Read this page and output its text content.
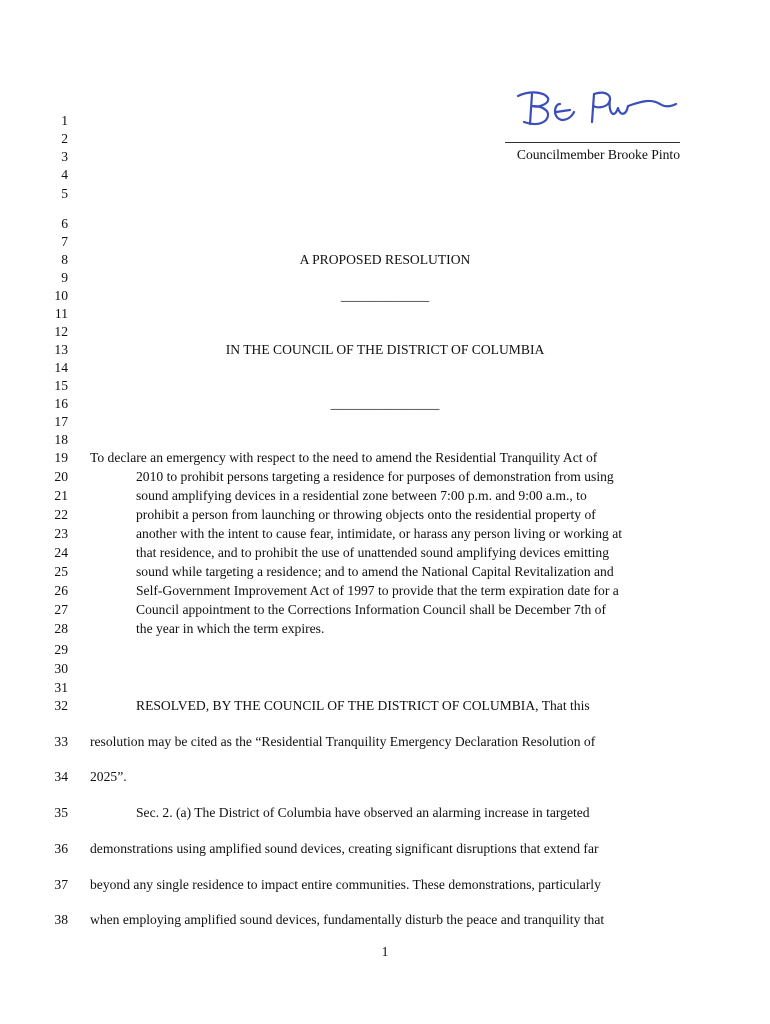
Councilmember Brooke Pinto
1
2
3
4
5
6
7
8
9
10
11
12
13
14
15
16
17
18
19
20
21
22
23
24
25
26
27
28
29
30
31
32
33
34
35
36
37
38
A PROPOSED RESOLUTION
_____________
IN THE COUNCIL OF THE DISTRICT OF COLUMBIA
________________
To declare an emergency with respect to the need to amend the Residential Tranquility Act of
2010 to prohibit persons targeting a residence for purposes of demonstration from using
sound amplifying devices in a residential zone between 7:00 p.m. and 9:00 a.m., to
prohibit a person from launching or throwing objects onto the residential property of
another with the intent to cause fear, intimidate, or harass any person living or working at
that residence, and to prohibit the use of unattended sound amplifying devices emitting
sound while targeting a residence; and to amend the National Capital Revitalization and
Self-Government Improvement Act of 1997 to provide that the term expiration date for a
Council appointment to the Corrections Information Council shall be December 7th of
the year in which the term expires.
RESOLVED, BY THE COUNCIL OF THE DISTRICT OF COLUMBIA, That this
resolution may be cited as the “Residential Tranquility Emergency Declaration Resolution of
2025”.
Sec. 2. (a) The District of Columbia have observed an alarming increase in targeted
demonstrations using amplified sound devices, creating significant disruptions that extend far
beyond any single residence to impact entire communities. These demonstrations, particularly
when employing amplified sound devices, fundamentally disturb the peace and tranquility that
1
